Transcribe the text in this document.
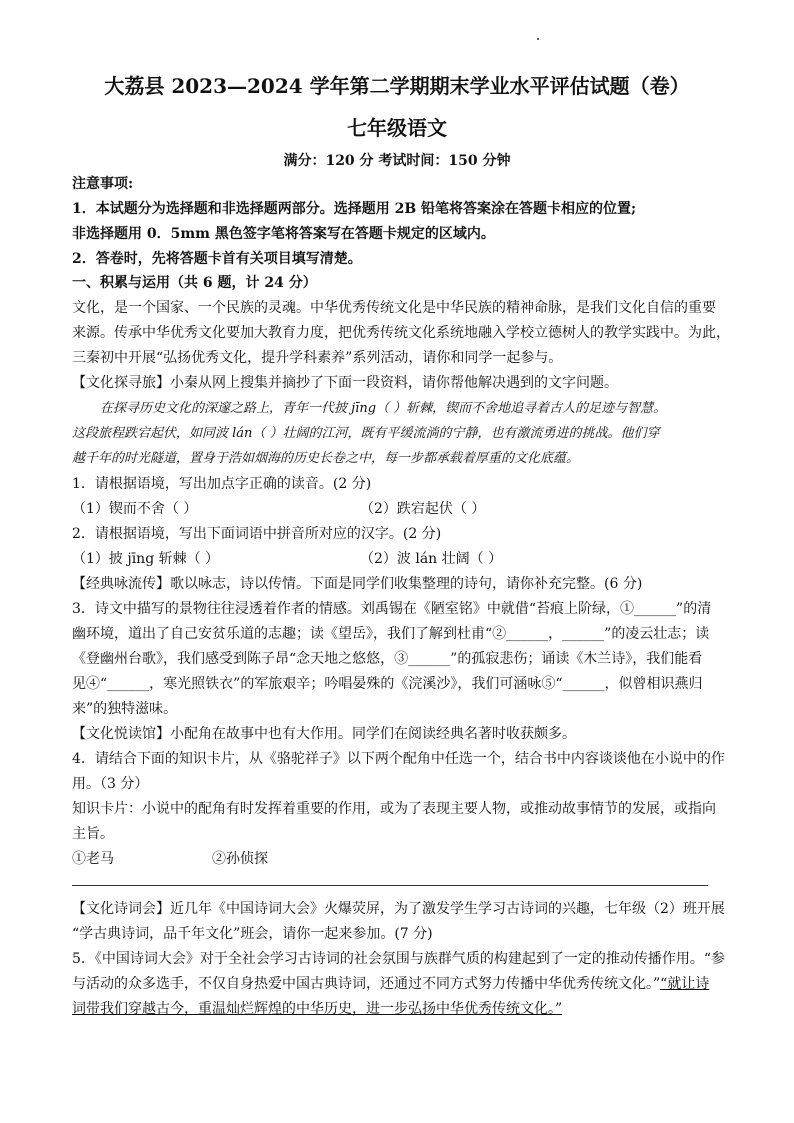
大荔县 2023—2024 学年第二学期期末学业水平评估试题（卷）
七年级语文
满分：120 分 考试时间：150 分钟
注意事项:
1．本试题分为选择题和非选择题两部分。选择题用 2B 铅笔将答案涂在答题卡相应的位置;
非选择题用 0．5mm 黑色签字笔将答案写在答题卡规定的区域内。
2．答卷时，先将答题卡首有关项目填写清楚。
一、积累与运用（共 6 题，计 24 分）
文化，是一个国家、一个民族的灵魂。中华优秀传统文化是中华民族的精神命脉，是我们文化自信的重要
来源。传承中华优秀文化要加大教育力度，把优秀传统文化系统地融入学校立德树人的教学实践中。为此，
三秦初中开展“弘扬优秀文化，提升学科素养”系列活动，请你和同学一起参与。
【文化探寻旅】小秦从网上搜集并摘抄了下面一段资料，请你帮他解决遇到的文字问题。
在探寻历史文化的深邃之路上，青年一代披 jīng（ ）斩棘，锲而不舍地追寻着古人的足迹与智慧。
这段旅程跌宕起伏，如同波 lán（ ）壮阔的江河，既有平缓流淌的宁静，也有激流勇进的挑战。他们穿
越千年的时光隧道，置身于浩如烟海的历史长卷之中，每一步都承载着厚重的文化底蕴。
1．请根据语境，写出加点字正确的读音。(2 分)
（1）锲而不舍（ ）	（2）跌宕起伏（ ）
2．请根据语境，写出下面词语中拼音所对应的汉字。(2 分)
（1）披 jīng 斩棘（ ）	（2）波 lán 壮阔（ ）
【经典咏流传】歌以咏志，诗以传情。下面是同学们收集整理的诗句，请你补充完整。(6 分)
3．诗文中描写的景物往往浸透着作者的情感。刘禹锡在《陋室铭》中就借“苔痕上阶绿，①______”的清
幽环境，道出了自己安贫乐道的志趣；读《望岳》，我们了解到杜甫“②______，______”的凌云壮志；读
《登幽州台歌》，我们感受到陈子昂“念天地之悠悠，③______”的孤寂悲伤；诵读《木兰诗》，我们能看
见④“______，寒光照铁衣”的军旅艰辛；吟唱晏殊的《浣溪沙》，我们可涵咏⑤“______，似曾相识燕归
来”的独特滋味。
【文化悦读馆】小配角在故事中也有大作用。同学们在阅读经典名著时收获颇多。
4．请结合下面的知识卡片，从《骆驼祥子》以下两个配角中任选一个，结合书中内容谈谈他在小说中的作
用。（3 分）
知识卡片：小说中的配角有时发挥着重要的作用，或为了表现主要人物，或推动故事情节的发展，或指向
主旨。
①老马	②孙侦探
【文化诗词会】近几年《中国诗词大会》火爆荧屏，为了激发学生学习古诗词的兴趣，七年级（2）班开展
“学古典诗词，品千年文化”班会，请你一起来参加。(7 分)
5．《中国诗词大会》对于全社会学习古诗词的社会氛围与族群气质的构建起到了一定的推动传播作用。“参
与活动的众多选手，不仅自身热爱中国古典诗词，还通过不同方式努力传播中华优秀传统文化。”“就让诗
词带我们穿越古今，重温灿烂辉煌的中华历史，进一步弘扬中华优秀传统文化。”
